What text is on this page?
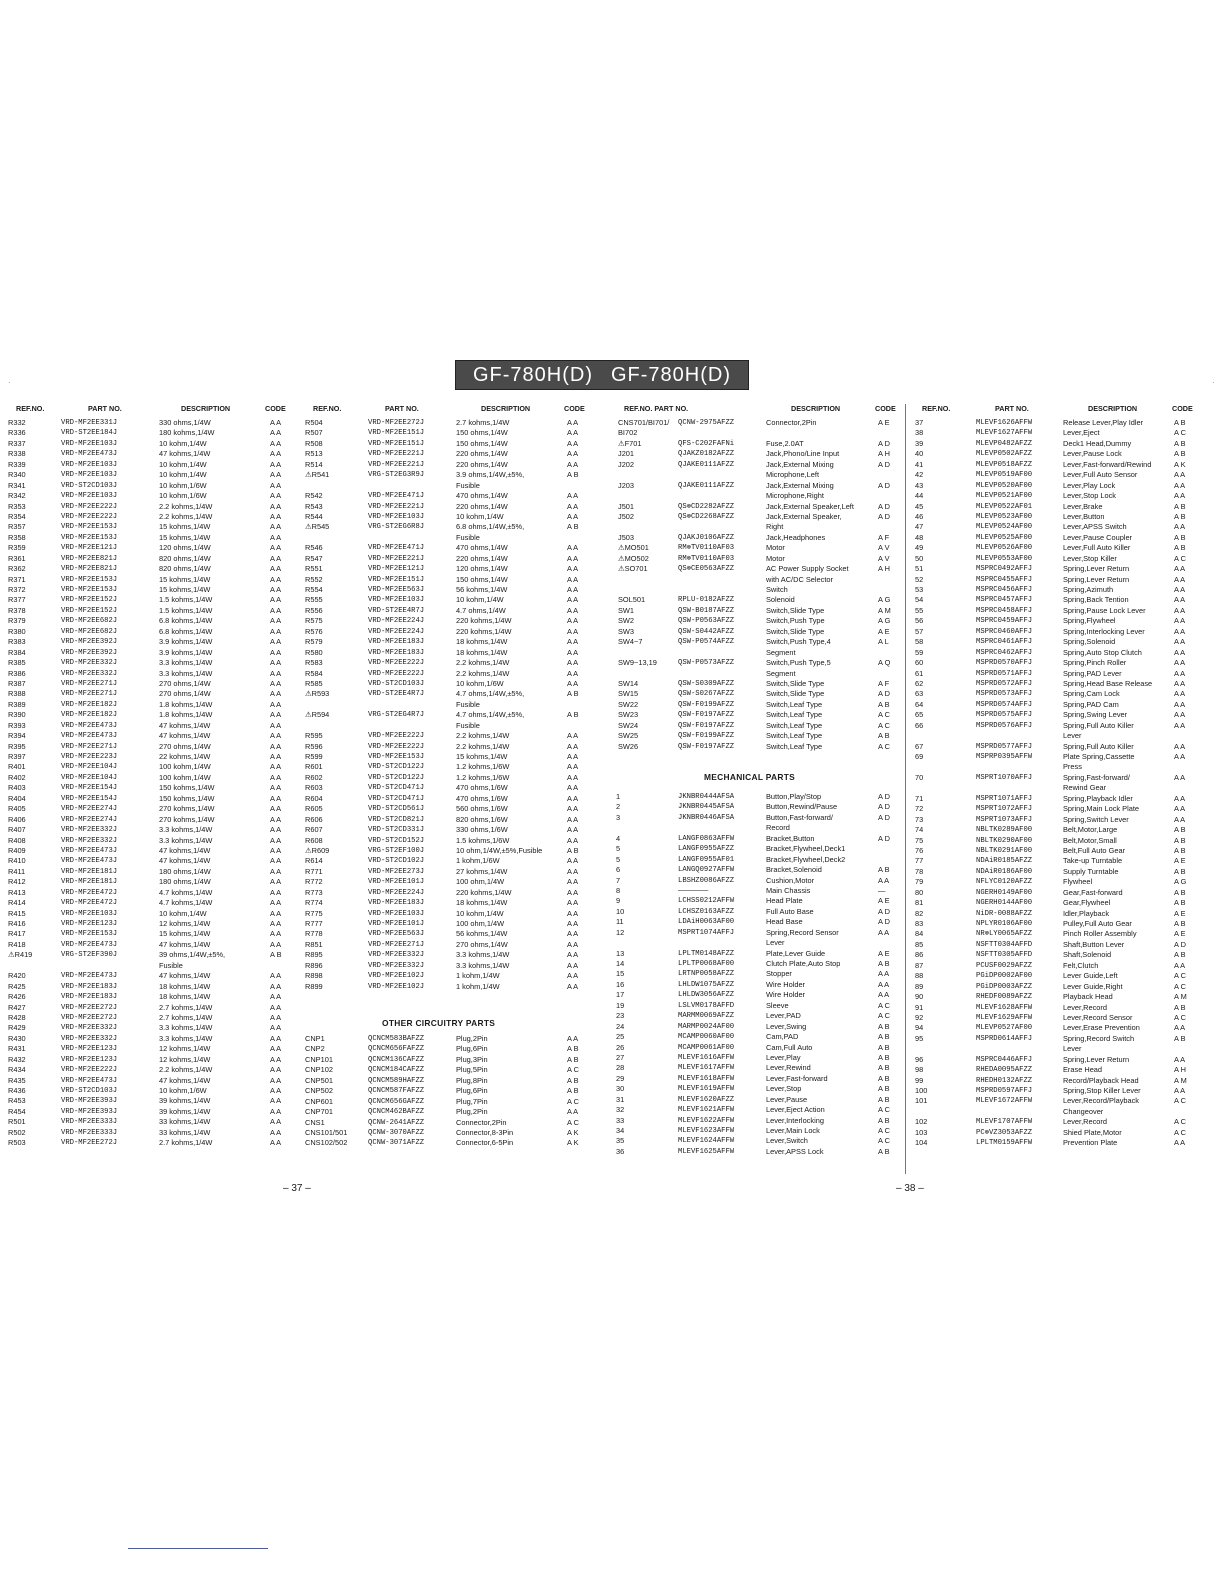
·	·
GF-780H(D) GF-780H(D)
REF.NO.	PART NO.	DESCRIPTION	CODE
R332	VRD-MF2EE331J	330 ohms,1/4W	A A
R336	VRD-ST2EE184J	180 kohms,1/4W	A A
R337	VRD-MF2EE103J	10 kohm,1/4W	A A
R338	VRD-MF2EE473J	47 kohms,1/4W	A A
R339	VRD-MF2EE103J	10 kohm,1/4W	A A
R340	VRD-MF2EE103J	10 kohm,1/4W	A A
R341	VRD-ST2CD103J	10 kohm,1/6W	A A
R342	VRD-MF2EE103J	10 kohm,1/6W	A A
R353	VRD-MF2EE222J	2.2 kohms,1/4W	A A
R354	VRD-MF2EE222J	2.2 kohms,1/4W	A A
R357	VRD-MF2EE153J	15 kohms,1/4W	A A
R358	VRD-MF2EE153J	15 kohms,1/4W	A A
R359	VRD-MF2EE121J	120 ohms,1/4W	A A
R361	VRD-MF2EE821J	820 ohms,1/4W	A A
R362	VRD-MF2EE821J	820 ohms,1/4W	A A
R371	VRD-MF2EE153J	15 kohms,1/4W	A A
R372	VRD-MF2EE153J	15 kohms,1/4W	A A
R377	VRD-MF2EE152J	1.5 kohms,1/4W	A A
R378	VRD-MF2EE152J	1.5 kohms,1/4W	A A
R379	VRD-MF2EE682J	6.8 kohms,1/4W	A A
R380	VRD-MF2EE682J	6.8 kohms,1/4W	A A
R383	VRD-MF2EE392J	3.9 kohms,1/4W	A A
R384	VRD-MF2EE392J	3.9 kohms,1/4W	A A
R385	VRD-MF2EE332J	3.3 kohms,1/4W	A A
R386	VRD-MF2EE332J	3.3 kohms,1/4W	A A
R387	VRD-MF2EE271J	270 ohms,1/4W	A A
R388	VRD-MF2EE271J	270 ohms,1/4W	A A
R389	VRD-MF2EE182J	1.8 kohms,1/4W	A A
R390	VRD-MF2EE182J	1.8 kohms,1/4W	A A
R393	VRD-MF2EE473J	47 kohms,1/4W	A A
R394	VRD-MF2EE473J	47 kohms,1/4W	A A
R395	VRD-MF2EE271J	270 ohms,1/4W	A A
R397	VRD-MF2EE223J	22 kohms,1/4W	A A
R401	VRD-MF2EE104J	100 kohm,1/4W	A A
R402	VRD-MF2EE104J	100 kohm,1/4W	A A
R403	VRD-MF2EE154J	150 kohms,1/4W	A A
R404	VRD-MF2EE154J	150 kohms,1/4W	A A
R405	VRD-MF2EE274J	270 kohms,1/4W	A A
R406	VRD-MF2EE274J	270 kohms,1/4W	A A
R407	VRD-MF2EE332J	3.3 kohms,1/4W	A A
R408	VRD-MF2EE332J	3.3 kohms,1/4W	A A
R409	VRD-MF2EE473J	47 kohms,1/4W	A A
R410	VRD-MF2EE473J	47 kohms,1/4W	A A
R411	VRD-MF2EE181J	180 ohms,1/4W	A A
R412	VRD-MF2EE181J	180 ohms,1/4W	A A
R413	VRD-MF2EE472J	4.7 kohms,1/4W	A A
R414	VRD-MF2EE472J	4.7 kohms,1/4W	A A
R415	VRD-MF2EE103J	10 kohm,1/4W	A A
R416	VRD-MF2EE123J	12 kohms,1/4W	A A
R417	VRD-MF2EE153J	15 kohms,1/4W	A A
R418	VRD-MF2EE473J	47 kohms,1/4W	A A
⚠R419	VRG-ST2EF390J	39 ohms,1/4W,±5%,	A B
Fusible
R420	VRD-MF2EE473J	47 kohms,1/4W	A A
R425	VRD-MF2EE183J	18 kohms,1/4W	A A
R426	VRD-MF2EE183J	18 kohms,1/4W	A A
R427	VRD-MF2EE272J	2.7 kohms,1/4W	A A
R428	VRD-MF2EE272J	2.7 kohms,1/4W	A A
R429	VRD-MF2EE332J	3.3 kohms,1/4W	A A
R430	VRD-MF2EE332J	3.3 kohms,1/4W	A A
R431	VRD-MF2EE123J	12 kohms,1/4W	A A
R432	VRD-MF2EE123J	12 kohms,1/4W	A A
R434	VRD-MF2EE222J	2.2 kohms,1/4W	A A
R435	VRD-MF2EE473J	47 kohms,1/4W	A A
R436	VRD-ST2CD103J	10 kohm,1/6W	A A
R453	VRD-MF2EE393J	39 kohms,1/4W	A A
R454	VRD-MF2EE393J	39 kohms,1/4W	A A
R501	VRD-MF2EE333J	33 kohms,1/4W	A A
R502	VRD-MF2EE333J	33 kohms,1/4W	A A
R503	VRD-MF2EE272J	2.7 kohms,1/4W	A A
REF.NO.	PART NO.	DESCRIPTION	CODE
R504	VRD-MF2EE272J	2.7 kohms,1/4W	A A
R507	VRD-MF2EE151J	150 ohms,1/4W	A A
R508	VRD-MF2EE151J	150 ohms,1/4W	A A
R513	VRD-MF2EE221J	220 ohms,1/4W	A A
R514	VRD-MF2EE221J	220 ohms,1/4W	A A
⚠R541	VRG-ST2EG3R9J	3.9 ohms,1/4W,±5%,	A B
Fusible
R542	VRD-MF2EE471J	470 ohms,1/4W	A A
R543	VRD-MF2EE221J	220 ohms,1/4W	A A
R544	VRD-MF2EE103J	10 kohm,1/4W	A A
⚠R545	VRG-ST2EG6R8J	6.8 ohms,1/4W,±5%,	A B
Fusible
R546	VRD-MF2EE471J	470 ohms,1/4W	A A
R547	VRD-MF2EE221J	220 ohms,1/4W	A A
R551	VRD-MF2EE121J	120 ohms,1/4W	A A
R552	VRD-MF2EE151J	150 ohms,1/4W	A A
R554	VRD-MF2EE563J	56 kohms,1/4W	A A
R555	VRD-MF2EE103J	10 kohm,1/4W	A A
R556	VRD-ST2EE4R7J	4.7 ohms,1/4W	A A
R575	VRD-MF2EE224J	220 kohms,1/4W	A A
R576	VRD-MF2EE224J	220 kohms,1/4W	A A
R579	VRD-MF2EE183J	18 kohms,1/4W	A A
R580	VRD-MF2EE183J	18 kohms,1/4W	A A
R583	VRD-MF2EE222J	2.2 kohms,1/4W	A A
R584	VRD-MF2EE222J	2.2 kohms,1/4W	A A
R585	VRD-ST2CD103J	10 kohm,1/6W	A A
⚠R593	VRD-ST2EE4R7J	4.7 ohms,1/4W,±5%,	A B
Fusible
⚠R594	VRG-ST2EG4R7J	4.7 ohms,1/4W,±5%,	A B
Fusible
R595	VRD-MF2EE222J	2.2 kohms,1/4W	A A
R596	VRD-MF2EE222J	2.2 kohms,1/4W	A A
R599	VRD-MF2EE153J	15 kohms,1/4W	A A
R601	VRD-ST2CD122J	1.2 kohms,1/6W	A A
R602	VRD-ST2CD122J	1.2 kohms,1/6W	A A
R603	VRD-ST2CD471J	470 ohms,1/6W	A A
R604	VRD-ST2CD471J	470 ohms,1/6W	A A
R605	VRD-ST2CD561J	560 ohms,1/6W	A A
R606	VRD-ST2CD821J	820 ohms,1/6W	A A
R607	VRD-ST2CD331J	330 ohms,1/6W	A A
R608	VRD-ST2CD152J	1.5 kohms,1/6W	A A
⚠R609	VRG-ST2EF100J	10 ohm,1/4W,±5%,Fusible	A B
R614	VRD-ST2CD102J	1 kohm,1/6W	A A
R771	VRD-MF2EE273J	27 kohms,1/4W	A A
R772	VRD-MF2EE101J	100 ohm,1/4W	A A
R773	VRD-MF2EE224J	220 kohms,1/4W	A A
R774	VRD-MF2EE183J	18 kohms,1/4W	A A
R775	VRD-MF2EE103J	10 kohm,1/4W	A A
R777	VRD-MF2EE101J	100 ohm,1/4W	A A
R778	VRD-MF2EE563J	56 kohms,1/4W	A A
R851	VRD-MF2EE271J	270 ohms,1/4W	A A
R895	VRD-MF2EE332J	3.3 kohms,1/4W	A A
R896	VRD-MF2EE332J	3.3 kohms,1/4W	A A
R898	VRD-MF2EE102J	1 kohm,1/4W	A A
R899	VRD-MF2EE102J	1 kohm,1/4W	A A
OTHER CIRCUITRY PARTS
CNP1	QCNCM583BAFZZ	Plug,2Pin	A A
CNP2	QCNCM656FAFZZ	Plug,6Pin	A B
CNP101	QCNCM136CAFZZ	Plug,3Pin	A B
CNP102	QCNCM184CAFZZ	Plug,5Pin	A C
CNP501	QCNCM589HAFZZ	Plug,8Pin	A B
CNP502	QCNCM587FAFZZ	Plug,6Pin	A B
CNP601	QCNCM656GAFZZ	Plug,7Pin	A C
CNP701	QCNCM462BAFZZ	Plug,2Pin	A A
CNS1	QCNW-2641AFZZ	Connector,2Pin	A C
CNS101/501	QCNW-3070AFZZ	Connector,8-3Pin	A K
CNS102/502	QCNW-3071AFZZ	Connector,6-5Pin	A K
REF.NO. PART NO.	DESCRIPTION	CODE
CNS701/BI701/ QCNW-2975AFZZ	Connector,2Pin	A E
BI702
⚠F701	QFS-C202FAFNi	Fuse,2.0AT	A D
J201	QJAKZ0182AFZZ	Jack,Phono/Line Input	A H
J202	QJAKE0111AFZZ	Jack,External Mixing	A D
Microphone,Left
J203	QJAKE0111AFZZ	Jack,External Mixing	A D
Microphone,Right
J501	QS⊗CD2282AFZZ	Jack,External Speaker,Left	A D
J502	QS⊗CD2268AFZZ	Jack,External Speaker,	A D
Right
J503	QJAKJ0106AFZZ	Jack,Headphones	A F
⚠MO501	RM⊗TV0110AF03	Motor	A V
⚠MO502	RM⊗TV0110AF03	Motor	A V
⚠SO701	QS⊗CE0563AFZZ	AC Power Supply Socket	A H
with AC/DC Selector
Switch
SOL501	RPLU-0182AFZZ	Solenoid	A G
SW1	QSW-B0187AFZZ	Switch,Slide Type	A M
SW2	QSW-P0563AFZZ	Switch,Push Type	A G
SW3	QSW-S0442AFZZ	Switch,Slide Type	A E
SW4~7	QSW-P0574AFZZ	Switch,Push Type,4	A L
Segment
SW9~13,19	QSW-P0573AFZZ	Switch,Push Type,5	A Q
Segment
SW14	QSW-S0309AFZZ	Switch,Slide Type	A F
SW15	QSW-S0267AFZZ	Switch,Slide Type	A D
SW22	QSW-F0199AFZZ	Switch,Leaf Type	A B
SW23	QSW-F0197AFZZ	Switch,Leaf Type	A C
SW24	QSW-F0197AFZZ	Switch,Leaf Type	A C
SW25	QSW-F0199AFZZ	Switch,Leaf Type	A B
SW26	QSW-F0197AFZZ	Switch,Leaf Type	A C
MECHANICAL PARTS
1	JKNBR0444AFSA	Button,Play/Stop	A D
2	JKNBR0445AFSA	Button,Rewind/Pause	A D
3	JKNBR0446AFSA	Button,Fast-forward/	A D
Record
4	LANGF0863AFFW	Bracket,Button	A D
5	LANGF0955AFZZ	Bracket,Flywheel,Deck1
5	LANGF0955AF01	Bracket,Flywheel,Deck2
6	LANGQ0927AFFW	Bracket,Solenoid	A B
7	LBSHZ0086AFZZ	Cushion,Motor	A A
8	———————	Main Chassis	—
9	LCHSS0212AFFW	Head Plate	A E
10	LCHSZ0163AFZZ	Full Auto Base	A D
11	LDAiH0063AF00	Head Base	A D
12	MSPRT1074AFFJ	Spring,Record Sensor	A A
Lever
13	LPLTM0148AFZZ	Plate,Lever Guide	A E
14	LPLTP0068AF00	Clutch Plate,Auto Stop	A B
15	LRTNP0058AFZZ	Stopper	A A
16	LHLDW1075AFZZ	Wire Holder	A A
17	LHLDW3056AFZZ	Wire Holder	A A
19	LSLVM0178AFFD	Sleeve	A C
23	MARMM0069AFZZ	Lever,PAD	A C
24	MARMP0024AF00	Lever,Swing	A B
25	MCAMP0060AF00	Cam,PAD	A B
26	MCAMP0061AF00	Cam,Full Auto	A B
27	MLEVF1616AFFW	Lever,Play	A B
28	MLEVF1617AFFW	Lever,Rewind	A B
29	MLEVF1618AFFW	Lever,Fast-forward	A B
30	MLEVF1619AFFW	Lever,Stop	A B
31	MLEVF1620AFZZ	Lever,Pause	A B
32	MLEVF1621AFFW	Lever,Eject Action	A C
33	MLEVF1622AFFW	Lever,Interlocking	A B
34	MLEVF1623AFFW	Lever,Main Lock	A C
35	MLEVF1624AFFW	Lever,Switch	A C
36	MLEVF1625AFFW	Lever,APSS Lock	A B
REF.NO.	PART NO.	DESCRIPTION	CODE
37	MLEVF1626AFFW	Release Lever,Play Idler	A B
38	MLEVF1627AFFW	Lever,Eject	A C
39	MLEVP0482AFZZ	Deck1 Head,Dummy	A B
40	MLEVP0502AFZZ	Lever,Pause Lock	A B
41	MLEVP0518AFZZ	Lever,Fast-forward/Rewind	A K
42	MLEVP0519AF00	Lever,Full Auto Sensor	A A
43	MLEVP0520AF00	Lever,Play Lock	A A
44	MLEVP0521AF00	Lever,Stop Lock	A A
45	MLEVP0522AF01	Lever,Brake	A B
46	MLEVP0523AF00	Lever,Button	A B
47	MLEVP0524AF00	Lever,APSS Switch	A A
48	MLEVP0525AF00	Lever,Pause Coupler	A B
49	MLEVP0526AF00	Lever,Full Auto Killer	A B
50	MLEVP0553AF00	Lever,Stop Killer	A C
51	MSPRC0492AFFJ	Spring,Lever Return	A A
52	MSPRC0455AFFJ	Spring,Lever Return	A A
53	MSPRC0456AFFJ	Spring,Azimuth	A A
54	MSPRC0457AFFJ	Spring,Back Tention	A A
55	MSPRC0458AFFJ	Spring,Pause Lock Lever	A A
56	MSPRC0459AFFJ	Spring,Flywheel	A A
57	MSPRC0460AFFJ	Spring,Interlocking Lever	A A
58	MSPRC0461AFFJ	Spring,Solenoid	A A
59	MSPRC0462AFFJ	Spring,Auto Stop Clutch	A A
60	MSPRD0570AFFJ	Spring,Pinch Roller	A A
61	MSPRD0571AFFJ	Spring,PAD Lever	A A
62	MSPRD0572AFFJ	Spring,Head Base Release	A A
63	MSPRD0573AFFJ	Spring,Cam Lock	A A
64	MSPRD0574AFFJ	Spring,PAD Cam	A A
65	MSPRD0575AFFJ	Spring,Swing Lever	A A
66	MSPRD0576AFFJ	Spring,Full Auto Killer	A A
Lever
67	MSPRD0577AFFJ	Spring,Full Auto Killer	A A
69	MSPRP0395AFFW	Plate Spring,Cassette	A A
Press
70	MSPRT1070AFFJ	Spring,Fast-forward/	A A
Rewind Gear
71	MSPRT1071AFFJ	Spring,Playback Idler	A A
72	MSPRT1072AFFJ	Spring,Main Lock Plate	A A
73	MSPRT1073AFFJ	Spring,Switch Lever	A A
74	NBLTK0289AF00	Belt,Motor,Large	A B
75	NBLTK0290AF00	Belt,Motor,Small	A B
76	NBLTK0291AF00	Belt,Full Auto Gear	A B
77	NDAiR0185AFZZ	Take-up Turntable	A E
78	NDAiR0186AF00	Supply Turntable	A B
79	NFLYC0120AFZZ	Flywheel	A G
80	NGERH0149AF00	Gear,Fast-forward	A B
81	NGERH0144AF00	Gear,Flywheel	A B
82	NiDR-0088AFZZ	Idler,Playback	A E
83	NPLYR0106AF00	Pulley,Full Auto Gear	A B
84	NR⊗LY0065AFZZ	Pinch Roller Assembly	A E
85	NSFTT0304AFFD	Shaft,Button Lever	A D
86	NSFTT0305AFFD	Shaft,Solenoid	A B
87	PCUSF0029AFZZ	Felt,Clutch	A A
88	PGiDP0002AF00	Lever Guide,Left	A C
89	PGiDP0003AFZZ	Lever Guide,Right	A C
90	RHEDF0089AFZZ	Playback Head	A M
91	MLEVF1628AFFW	Lever,Record	A B
92	MLEVF1629AFFW	Lever,Record Sensor	A C
94	MLEVP0527AF00	Lever,Erase Prevention	A A
95	MSPRD0614AFFJ	Spring,Record Switch	A B
Lever
96	MSPRC0446AFFJ	Spring,Lever Return	A A
98	RHEDA0095AFZZ	Erase Head	A H
99	RHEDH0132AFZZ	Record/Playback Head	A M
100	MSPRD0597AFFJ	Spring,Stop Killer Lever	A A
101	MLEVF1672AFFW	Lever,Record/Playback	A C
Changeover
102	MLEVF1707AFFW	Lever,Record	A C
103	PC⊗VZ3053AFZZ	Shied Plate,Motor	A C
104	LPLTM0159AFFW	Prevention Plate	A A
– 37 –	– 38 –
